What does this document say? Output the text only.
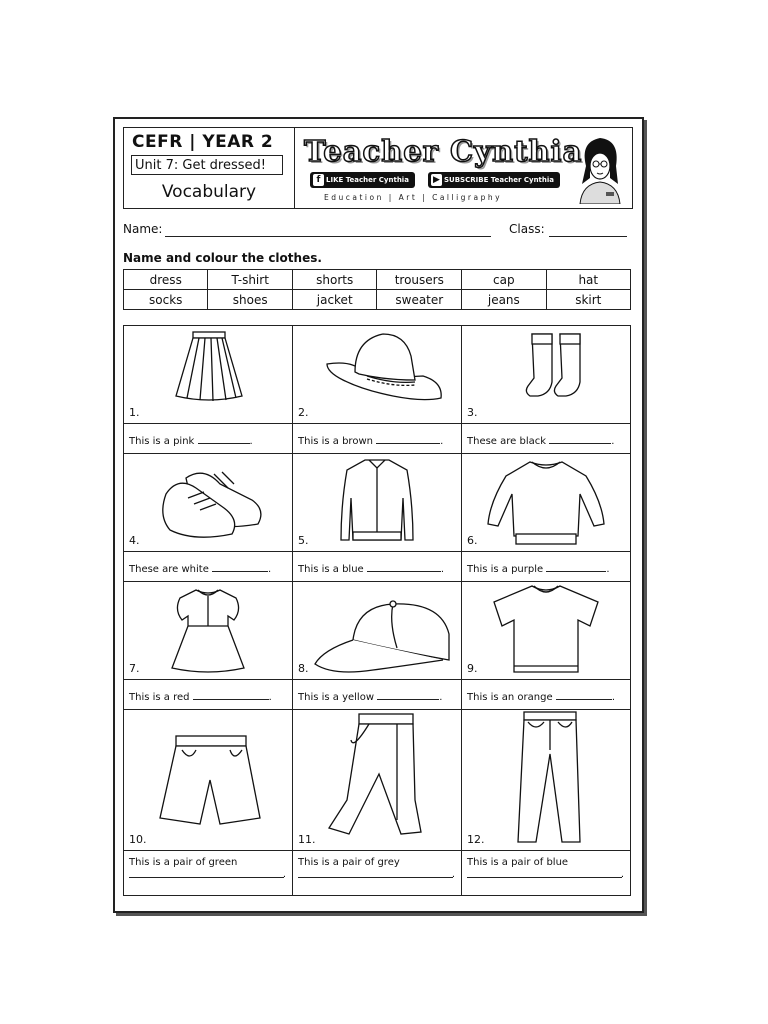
CEFR | YEAR 2
Unit 7: Get dressed!
Vocabulary
Teacher Cynthia
f LIKE Teacher Cynthia	▶ SUBSCRIBE Teacher Cynthia
Education | Art | Calligraphy
Name:	Class:
Name and colour the clothes.
dress	T-shirt	shorts	trousers	cap	hat
socks	shoes	jacket	sweater	jeans	skirt
1.	2.	3.

This is a pink .	This is a brown .	These are black .

4.	5.	6.

These are white .	This is a blue .	This is a purple .

7.	8.	9.

This is a red .	This is a yellow .	This is an orange .

10.	11.	12.

This is a pair of green
.	This is a pair of grey
.	This is a pair of blue
.
